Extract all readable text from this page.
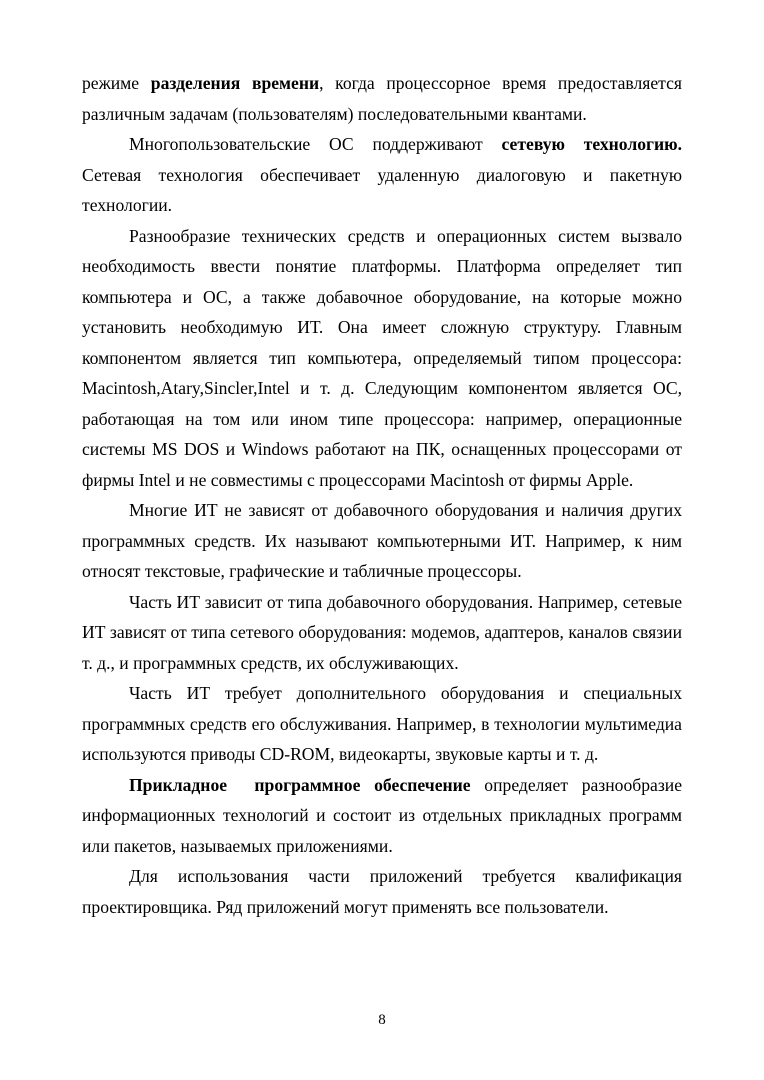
режиме разделения времени, когда процессорное время предоставляется различным задачам (пользователям) последовательными квантами.

Многопользовательские ОС поддерживают сетевую технологию. Сетевая технология обеспечивает удаленную диалоговую и пакетную технологии.

Разнообразие технических средств и операционных систем вызвало необходимость ввести понятие платформы. Платформа определяет тип компьютера и ОС, а также добавочное оборудование, на которые можно установить необходимую ИТ. Она имеет сложную структуру. Главным компонентом является тип компьютера, определяемый типом процессора: Macintosh,Atary,Sincler,Intel и т. д. Следующим компонентом является ОС, работающая на том или ином типе процессора: например, операционные системы MS DOS и Windows работают на ПК, оснащенных процессорами от фирмы Intel и не совместимы с процессорами Macintosh от фирмы Apple.

Многие ИТ не зависят от добавочного оборудования и наличия других программных средств. Их называют компьютерными ИТ. Например, к ним относят текстовые, графические и табличные процессоры.

Часть ИТ зависит от типа добавочного оборудования. Например, сетевые ИТ зависят от типа сетевого оборудования: модемов, адаптеров, каналов связии т. д., и программных средств, их обслуживающих.

Часть ИТ требует дополнительного оборудования и специальных программных средств его обслуживания. Например, в технологии мультимедиа используются приводы CD-ROM, видеокарты, звуковые карты и т. д.

Прикладное  программное обеспечение определяет разнообразие информационных технологий и состоит из отдельных прикладных программ или пакетов, называемых приложениями.

Для использования части приложений требуется квалификация проектировщика. Ряд приложений могут применять все пользователи.

8
